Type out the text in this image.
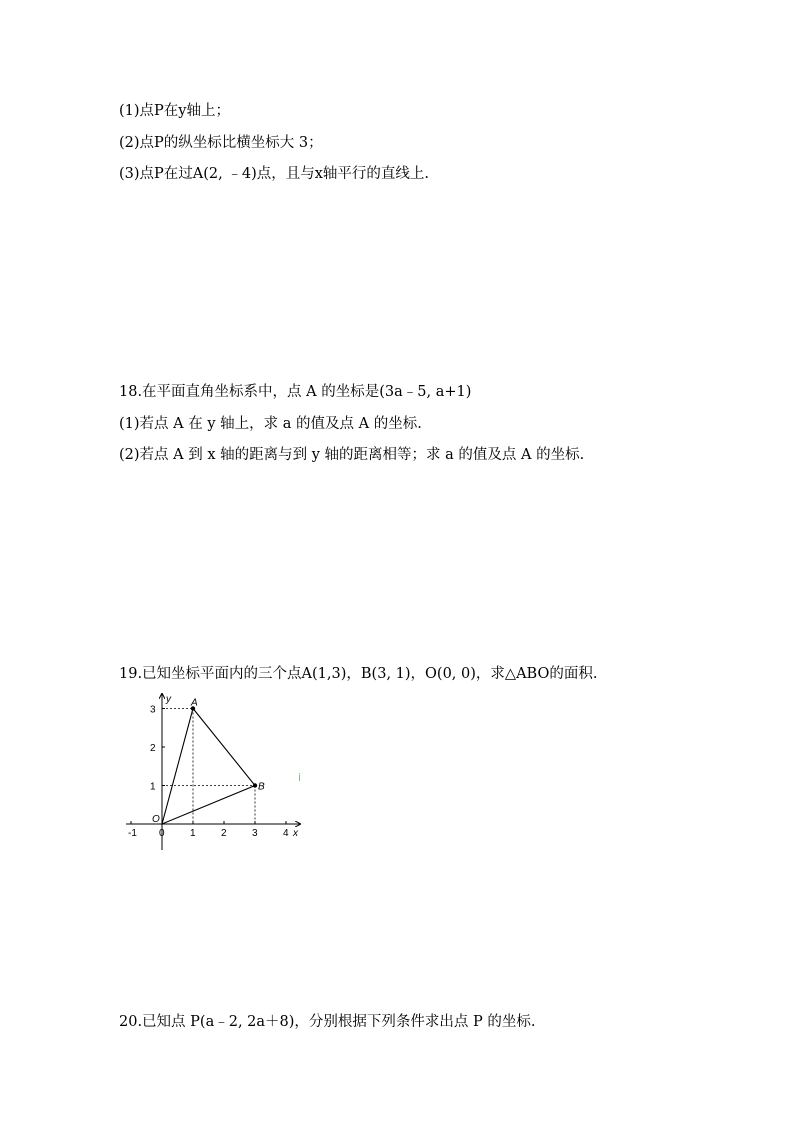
(1)点P在y轴上；
(2)点P的纵坐标比横坐标大 3；
(3)点P在过A(2, ﹣4)点，且与x轴平行的直线上.
18.在平面直角坐标系中，点 A 的坐标是(3a﹣5, a+1)
(1)若点 A 在 y 轴上，求 a 的值及点 A 的坐标.
(2)若点 A 到 x 轴的距离与到 y 轴的距离相等；求 a 的值及点 A 的坐标.
19.已知坐标平面内的三个点A(1,3)，B(3, 1)，O(0, 0)，求△ABO的面积.
x
y
-1
O
0	1	2	3	4
1
2
3
A
B
i
20.已知点 P(a﹣2, 2a＋8)，分别根据下列条件求出点 P 的坐标.
